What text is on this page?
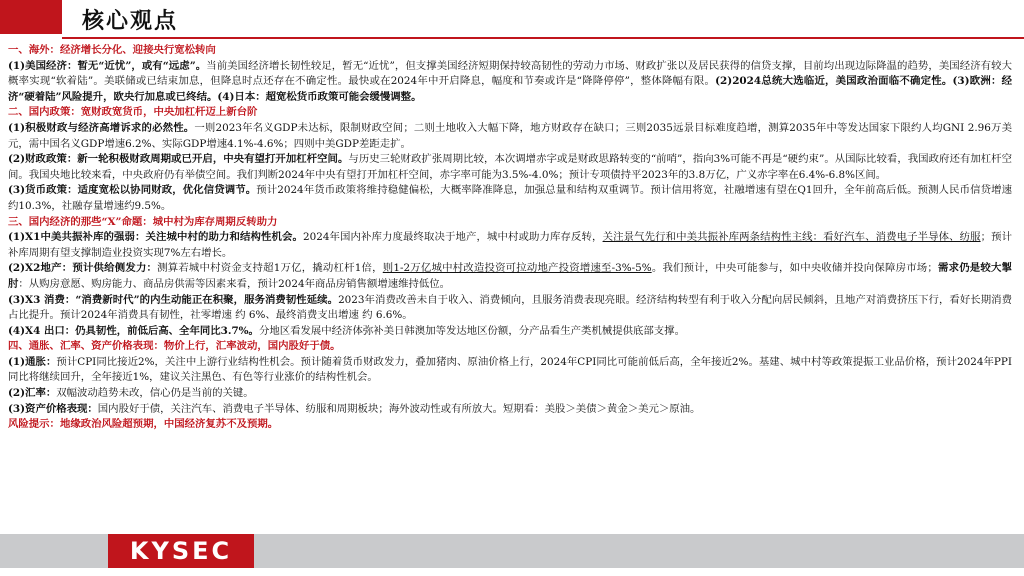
核心观点

一、海外：经济增长分化、迎接央行宽松转向

(1)美国经济：暂无“近忧”，或有“远虑”。当前美国经济增长韧性较足，暂无“近忧”，但支撑美国经济短期保持较高韧性的劳动力市场、财政扩张以及居民获得的信贷支撑，目前均出现边际降温的趋势，美国经济有较大概率实现“软着陆”。美联储或已结束加息，但降息时点还存在不确定性。最快或在2024年中开启降息，幅度和节奏或许是“降降停停”，整体降幅有限。(2)2024总统大选临近，美国政治面临不确定性。(3)欧洲：经济“硬着陆”风险提升，欧央行加息或已终结。(4)日本：超宽松货币政策可能会缓慢调整。

二、国内政策：宽财政宽货币，中央加杠杆迈上新台阶

(1)积极财政与经济高增诉求的必然性。一则2023年名义GDP未达标，限制财政空间；二则土地收入大幅下降，地方财政存在缺口；三则2035远景目标难度趋增，测算2035年中等发达国家下限约人均GNI 2.96万美元，需中国名义GDP增速6.2%、实际GDP增速4.1%-4.6%；四则中美GDP差距走扩。

(2)财政政策：新一轮积极财政周期或已开启，中央有望打开加杠杆空间。与历史三轮财政扩张周期比较，本次调增赤字或是财政思路转变的“前哨”，指向3%可能不再是“硬约束”。从国际比较看，我国政府还有加杠杆空间。我国央地比较来看，中央政府仍有举债空间。我们判断2024年中央有望打开加杠杆空间，赤字率可能为3.5%-4.0%；预计专项债持平2023年的3.8万亿，广义赤字率在6.4%-6.8%区间。

(3)货币政策：适度宽松以协同财政，优化信贷调节。预计2024年货币政策将维持稳健偏松，大概率降准降息，加强总量和结构双重调节。预计信用将宽，社融增速有望在Q1回升，全年前高后低。预测人民币信贷增速约10.3%，社融存量增速约9.5%。

三、国内经济的那些“X”命题：城中村为库存周期反转助力

(1)X1中美共振补库的强弱：关注城中村的助力和结构性机会。2024年国内补库力度最终取决于地产，城中村或助力库存反转，关注景气先行和中美共振补库两条结构性主线：看好汽车、消费电子半导体、纺服；预计补库周期有望支撑制造业投资实现7%左右增长。

(2)X2地产：预计供给侧发力：测算若城中村资金支持超1万亿，撬动杠杆1倍，则1-2万亿城中村改造投资可拉动地产投资增速至-3%-5%。我们预计，中央可能参与，如中央收储并投向保障房市场；需求仍是较大掣肘：从购房意愿、购房能力、商品房供需等因素来看，预计2024年商品房销售额增速维持低位。

(3)X3 消费：“消费新时代”的内生动能正在积聚，服务消费韧性延续。2023年消费改善未自于收入、消费倾向，且服务消费表现亮眼。经济结构转型有利于收入分配向居民倾斜，且地产对消费挤压下行，看好长期消费占比提升。预计2024年消费具有韧性，社零增速 约 6%、最终消费支出增速 约 6.6%。

(4)X4 出口：仍具韧性，前低后高、全年同比3.7%。分地区看发展中经济体弥补美日韩澳加等发达地区份额，分产品看生产类机械提供底部支撑。

四、通胀、汇率、资产价格表现：物价上行，汇率波动，国内股好于债。

(1)通胀：预计CPI同比接近2%，关注中上游行业结构性机会。预计随着货币财政发力，叠加猪肉、原油价格上行，2024年CPI同比可能前低后高，全年接近2%。基建、城中村等政策提振工业品价格，预计2024年PPI同比将继续回升，全年接近1%，建议关注黑色、有色等行业涨价的结构性机会。

(2)汇率：双幅波动趋势未改，信心仍是当前的关键。

(3)资产价格表现：国内股好于债，关注汽车、消费电子半导体、纺服和周期板块；海外波动性或有所放大。短期看：美股＞美债＞黄金＞美元＞原油。

风险提示：地缘政治风险超预期，中国经济复苏不及预期。

KYSEC
